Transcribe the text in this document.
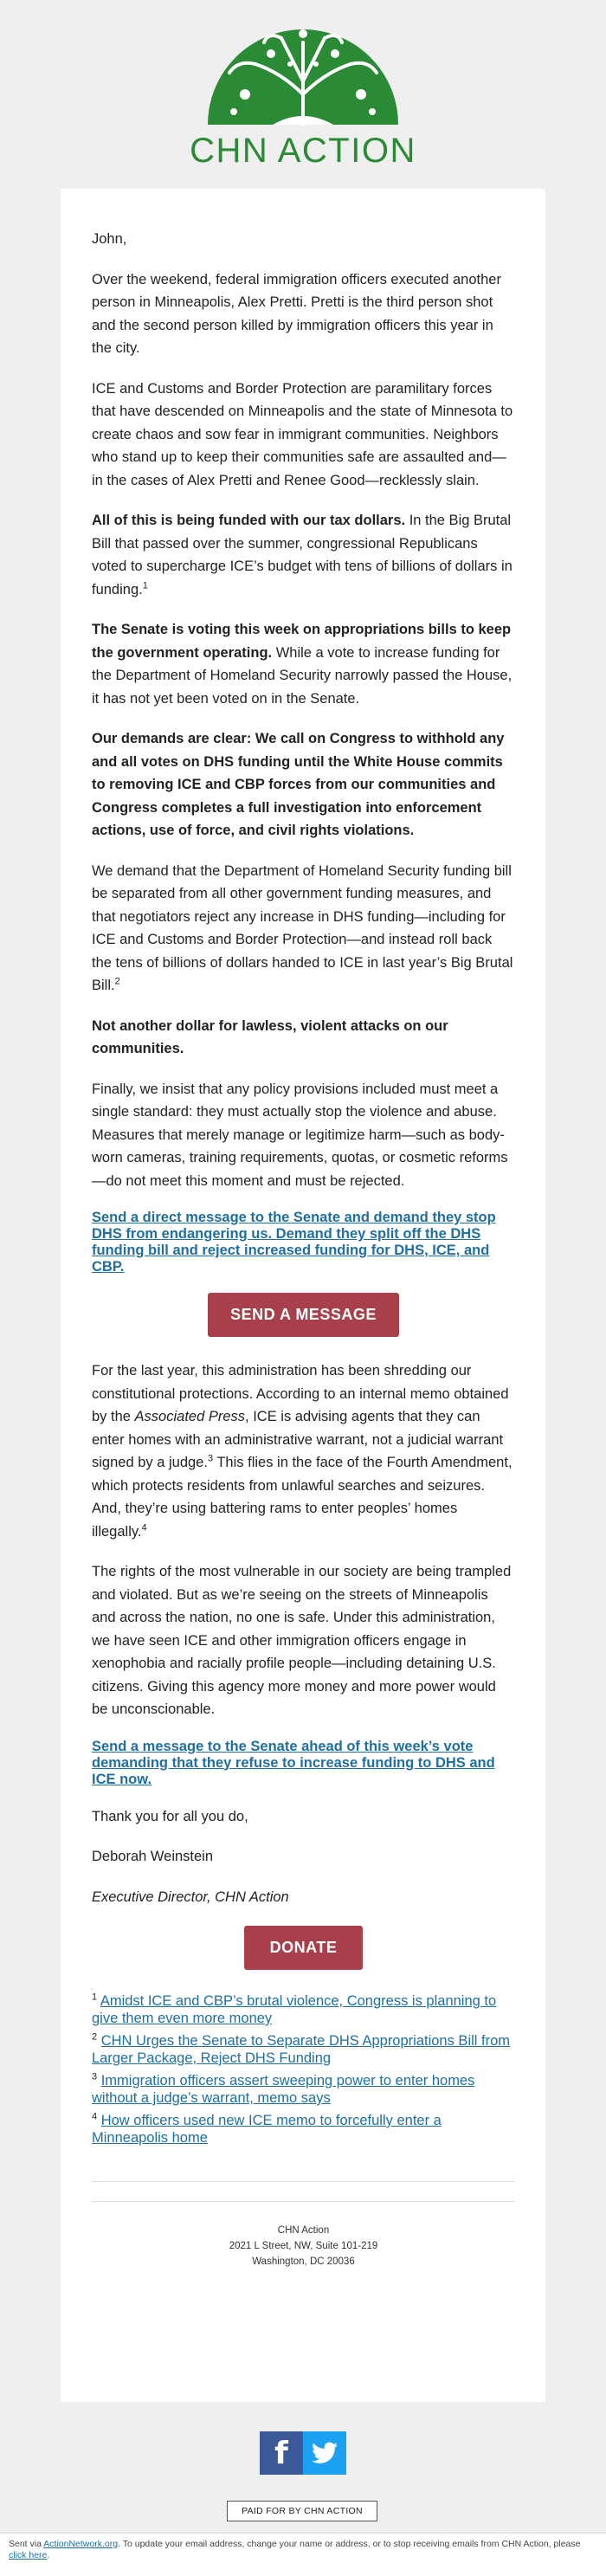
CHN ACTION

John,

Over the weekend, federal immigration officers executed another person in Minneapolis, Alex Pretti. Pretti is the third person shot and the second person killed by immigration officers this year in the city.

ICE and Customs and Border Protection are paramilitary forces that have descended on Minneapolis and the state of Minnesota to create chaos and sow fear in immigrant communities. Neighbors who stand up to keep their communities safe are assaulted and—in the cases of Alex Pretti and Renee Good—recklessly slain.

All of this is being funded with our tax dollars. In the Big Brutal Bill that passed over the summer, congressional Republicans voted to supercharge ICE’s budget with tens of billions of dollars in funding.$^1$

The Senate is voting this week on appropriations bills to keep the government operating. While a vote to increase funding for the Department of Homeland Security narrowly passed the House, it has not yet been voted on in the Senate.

Our demands are clear: We call on Congress to withhold any and all votes on DHS funding until the White House commits to removing ICE and CBP forces from our communities and Congress completes a full investigation into enforcement actions, use of force, and civil rights violations.

We demand that the Department of Homeland Security funding bill be separated from all other government funding measures, and that negotiators reject any increase in DHS funding—including for ICE and Customs and Border Protection—and instead roll back the tens of billions of dollars handed to ICE in last year’s Big Brutal Bill.$^2$

Not another dollar for lawless, violent attacks on our communities.

Finally, we insist that any policy provisions included must meet a single standard: they must actually stop the violence and abuse. Measures that merely manage or legitimize harm—such as body-worn cameras, training requirements, quotas, or cosmetic reforms—do not meet this moment and must be rejected.

Send a direct message to the Senate and demand they stop DHS from endangering us. Demand they split off the DHS funding bill and reject increased funding for DHS, ICE, and CBP.
SEND A MESSAGE

For the last year, this administration has been shredding our constitutional protections. According to an internal memo obtained by the Associated Press, ICE is advising agents that they can enter homes with an administrative warrant, not a judicial warrant signed by a judge.$^3$ This flies in the face of the Fourth Amendment, which protects residents from unlawful searches and seizures. And, they’re using battering rams to enter peoples’ homes illegally.$^4$

The rights of the most vulnerable in our society are being trampled and violated. But as we’re seeing on the streets of Minneapolis and across the nation, no one is safe. Under this administration, we have seen ICE and other immigration officers engage in xenophobia and racially profile people—including detaining U.S. citizens. Giving this agency more money and more power would be unconscionable.

Send a message to the Senate ahead of this week’s vote demanding that they refuse to increase funding to DHS and ICE now.

Thank you for all you do,

Deborah Weinstein

Executive Director, CHN Action

DONATE
$^1$ Amidst ICE and CBP’s brutal violence, Congress is planning to give them even more money
$^2$ CHN Urges the Senate to Separate DHS Appropriations Bill from Larger Package, Reject DHS Funding
$^3$ Immigration officers assert sweeping power to enter homes without a judge’s warrant, memo says
$^4$ How officers used new ICE memo to forcefully enter a Minneapolis home
CHN Action
2021 L Street, NW, Suite 101-219
Washington, DC 20036
f
PAID FOR BY CHN ACTION
Sent via ActionNetwork.org. To update your email address, change your name or address, or to stop receiving emails from CHN Action, please click here.
